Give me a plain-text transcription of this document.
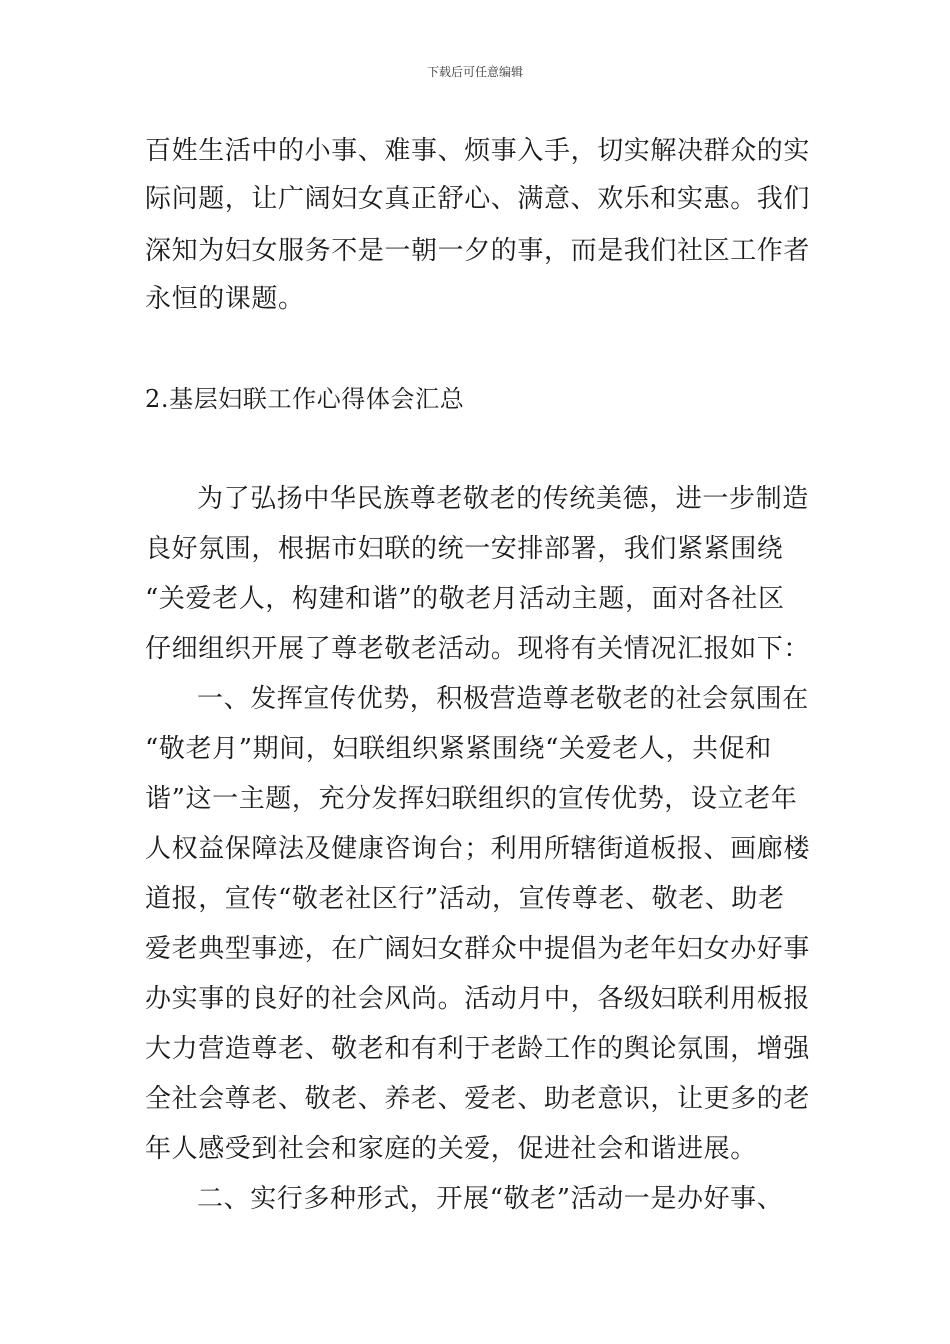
下载后可任意编辑
百姓生活中的小事、难事、烦事入手，切实解决群众的实
际问题，让广阔妇女真正舒心、满意、欢乐和实惠。我们
深知为妇女服务不是一朝一夕的事，而是我们社区工作者
永恒的课题。
2.基层妇联工作心得体会汇总
为了弘扬中华民族尊老敬老的传统美德，进一步制造
良好氛围，根据市妇联的统一安排部署，我们紧紧围绕
“关爱老人，构建和谐”的敬老月活动主题，面对各社区
仔细组织开展了尊老敬老活动。现将有关情况汇报如下：
一、发挥宣传优势，积极营造尊老敬老的社会氛围在
“敬老月”期间，妇联组织紧紧围绕“关爱老人，共促和
谐”这一主题，充分发挥妇联组织的宣传优势，设立老年
人权益保障法及健康咨询台；利用所辖街道板报、画廊楼
道报，宣传“敬老社区行”活动，宣传尊老、敬老、助老
爱老典型事迹，在广阔妇女群众中提倡为老年妇女办好事
办实事的良好的社会风尚。活动月中，各级妇联利用板报
大力营造尊老、敬老和有利于老龄工作的舆论氛围，增强
全社会尊老、敬老、养老、爱老、助老意识，让更多的老
年人感受到社会和家庭的关爱，促进社会和谐进展。
二、实行多种形式，开展“敬老”活动一是办好事、
